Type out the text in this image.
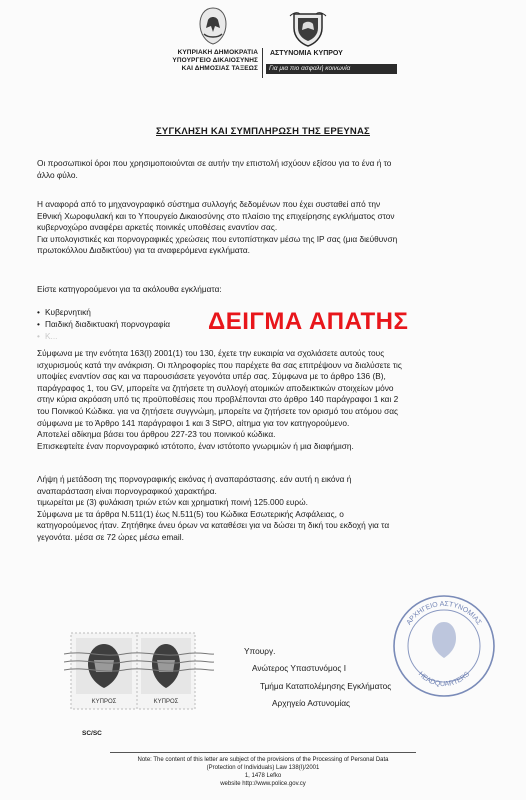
ΚΥΠΡΙΑΚΗ ΔΗΜΟΚΡΑΤΙΑ
ΥΠΟΥΡΓΕΙΟ ΔΙΚΑΙΟΣΥΝΗΣ
ΚΑΙ ΔΗΜΟΣΙΑΣ ΤΑΞΕΩΣ
ΑΣΤΥΝΟΜΙΑ ΚΥΠΡΟΥ
Για μια πιο ασφαλή κοινωνία
ΣΥΓΚΛΗΣΗ ΚΑΙ ΣΥΜΠΛΗΡΩΣΗ ΤΗΣ ΕΡΕΥΝΑΣ
Οι προσωπικοί όροι που χρησιμοποιούνται σε αυτήν την επιστολή ισχύουν εξίσου για το ένα ή το
άλλο φύλο.
Η αναφορά από το μηχανογραφικό σύστημα συλλογής δεδομένων που έχει συσταθεί από την
Εθνική Χωροφυλακή και το Υπουργείο Δικαιοσύνης στο πλαίσιο της επιχείρησης εγκλήματος στον
κυβερνοχώρο αναφέρει αρκετές ποινικές υποθέσεις εναντίον σας.
Για υπολογιστικές και πορνογραφικές χρεώσεις που εντοπίστηκαν μέσω της IP σας (μια διεύθυνση
πρωτοκόλλου Διαδικτύου) για τα αναφερόμενα εγκλήματα.
Είστε κατηγορούμενοι για τα ακόλουθα εγκλήματα:
• Κυβερνητική
• Παιδική διαδικτυακή πορνογραφία
• Κ...
ΔΕΙΓΜΑ ΑΠΑΤΗΣ
Σύμφωνα με την ενότητα 163(I) 2001(1) του 130, έχετε την ευκαιρία να σχολιάσετε αυτούς τους
ισχυρισμούς κατά την ανάκριση. Οι πληροφορίες που παρέχετε θα σας επιτρέψουν να διαλύσετε τις
υποψίες εναντίον σας και να παρουσιάσετε γεγονότα υπέρ σας. Σύμφωνα με το άρθρο 136 (B),
παράγραφος 1, του GV, μπορείτε να ζητήσετε τη συλλογή ατομικών αποδεικτικών στοιχείων μόνο
στην κύρια ακρόαση υπό τις προϋποθέσεις που προβλέπονται στο άρθρο 140 παράγραφοι 1 και 2
του Ποινικού Κώδικα. για να ζητήσετε συγγνώμη, μπορείτε να ζητήσετε τον ορισμό του ατόμου σας
σύμφωνα με το Άρθρο 141 παράγραφοι 1 και 3 StPO, αίτημα για τον κατηγορούμενο.
Αποτελεί αδίκημα βάσει του άρθρου 227-23 του ποινικού κώδικα.
Επισκεφτείτε έναν πορνογραφικό ιστότοπο, έναν ιστότοπο γνωριμιών ή μια διαφήμιση.
Λήψη ή μετάδοση της πορνογραφικής εικόνας ή αναπαράστασης. εάν αυτή η εικόνα ή
αναπαράσταση είναι πορνογραφικού χαρακτήρα.
τιμωρείται με (3) φυλάκιση τριών ετών και χρηματική ποινή 125.000 ευρώ.
Σύμφωνα με τα άρθρα N.511(1) έως N.511(5) του Κώδικα Εσωτερικής Ασφάλειας, ο
κατηγορούμενος ήταν. Ζητήθηκε άνευ όρων να καταθέσει για να δώσει τη δική του εκδοχή για τα
γεγονότα. μέσα σε 72 ώρες μέσω email.
ΚΥΠΡΟΣ	ΚΥΠΡΟΣ
Υπουργ.
Ανώτερος Υπαστυνόμος Ι
Τμήμα Καταπολέμησης Εγκλήματος
Αρχηγείο Αστυνομίας
ΑΡΧΗΓΕΙΟ ΑΣΤΥΝΟΜΙΑΣ
HEADQUARTERS
SC/SC
Note: The content of this letter are subject of the provisions of the Processing of Personal Data
(Protection of Individuals) Law 138(I)/2001
1, 1478 Lefko
website http://www.police.gov.cy
